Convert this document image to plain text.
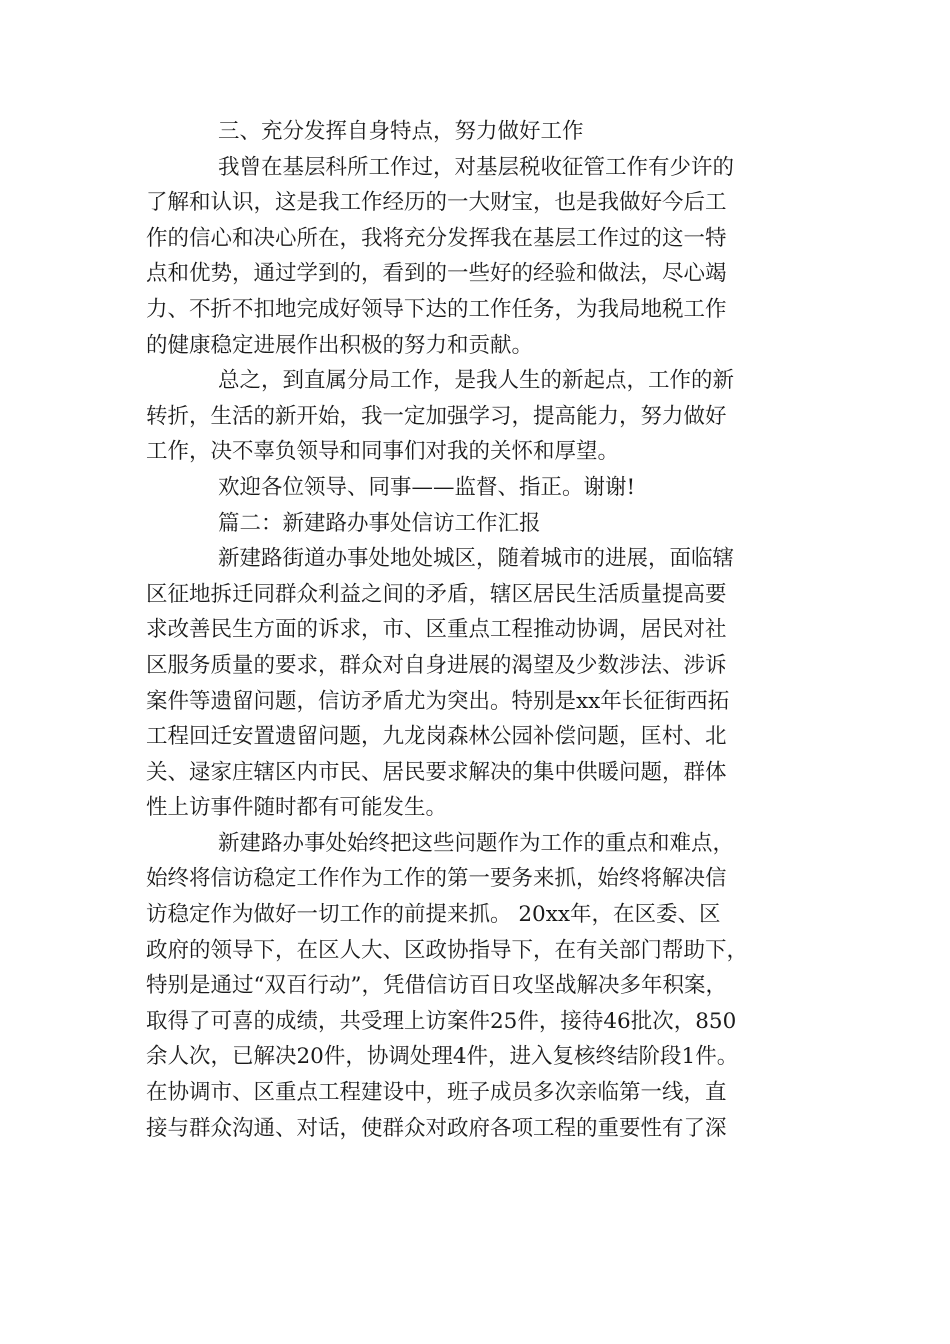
三、充分发挥自身特点，努力做好工作
我曾在基层科所工作过，对基层税收征管工作有少许的
了解和认识，这是我工作经历的一大财宝，也是我做好今后工
作的信心和决心所在，我将充分发挥我在基层工作过的这一特
点和优势，通过学到的，看到的一些好的经验和做法，尽心竭
力、不折不扣地完成好领导下达的工作任务，为我局地税工作
的健康稳定进展作出积极的努力和贡献。
总之，到直属分局工作，是我人生的新起点，工作的新
转折，生活的新开始，我一定加强学习，提高能力，努力做好
工作，决不辜负领导和同事们对我的关怀和厚望。
欢迎各位领导、同事——监督、指正。谢谢!
篇二：新建路办事处信访工作汇报
新建路街道办事处地处城区，随着城市的进展，面临辖
区征地拆迁同群众利益之间的矛盾，辖区居民生活质量提高要
求改善民生方面的诉求，市、区重点工程推动协调，居民对社
区服务质量的要求，群众对自身进展的渴望及少数涉法、涉诉
案件等遗留问题，信访矛盾尤为突出。特别是xx年长征街西拓
工程回迁安置遗留问题，九龙岗森林公园补偿问题，匡村、北
关、逯家庄辖区内市民、居民要求解决的集中供暖问题，群体
性上访事件随时都有可能发生。
新建路办事处始终把这些问题作为工作的重点和难点，
始终将信访稳定工作作为工作的第一要务来抓，始终将解决信
访稳定作为做好一切工作的前提来抓。 20xx年，在区委、区
政府的领导下，在区人大、区政协指导下，在有关部门帮助下，
特别是通过“双百行动”，凭借信访百日攻坚战解决多年积案，
取得了可喜的成绩，共受理上访案件25件，接待46批次，850
余人次，已解决20件，协调处理4件，进入复核终结阶段1件。
在协调市、区重点工程建设中，班子成员多次亲临第一线，直
接与群众沟通、对话，使群众对政府各项工程的重要性有了深
